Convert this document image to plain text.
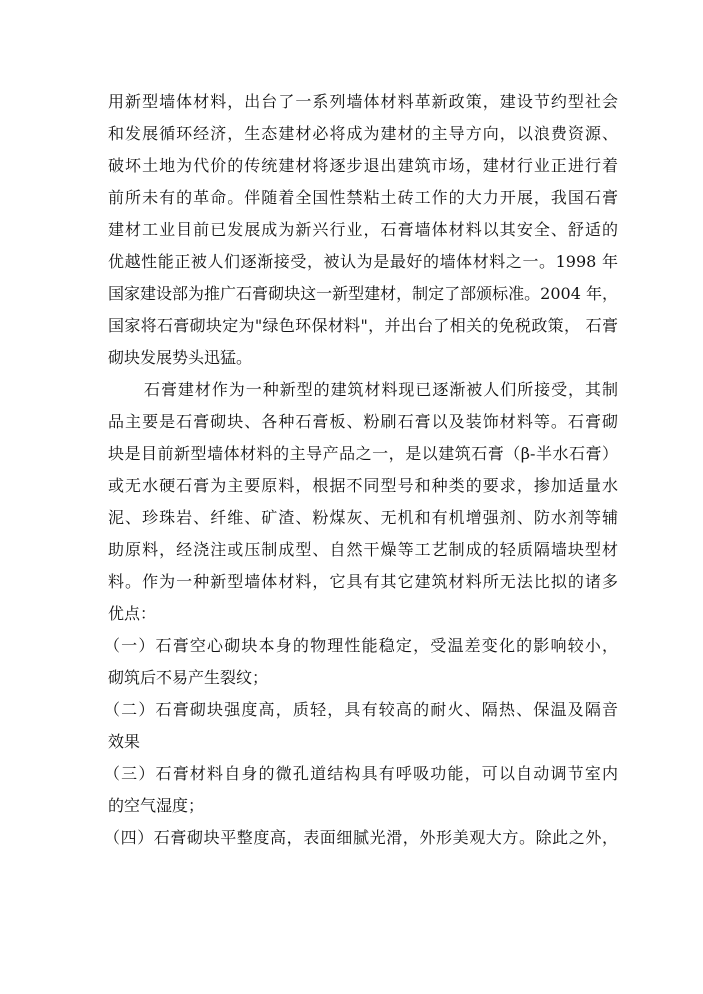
用新型墙体材料，出台了一系列墙体材料革新政策，建设节约型社会
和发展循环经济，生态建材必将成为建材的主导方向，以浪费资源、
破坏土地为代价的传统建材将逐步退出建筑市场，建材行业正进行着
前所未有的革命。伴随着全国性禁粘土砖工作的大力开展，我国石膏
建材工业目前已发展成为新兴行业，石膏墙体材料以其安全、舒适的
优越性能正被人们逐渐接受，被认为是最好的墙体材料之一。1998 年
国家建设部为推广石膏砌块这一新型建材，制定了部颁标准。2004 年，
国家将石膏砌块定为"绿色环保材料"，并出台了相关的免税政策， 石膏
砌块发展势头迅猛。
石膏建材作为一种新型的建筑材料现已逐渐被人们所接受，其制
品主要是石膏砌块、各种石膏板、粉刷石膏以及装饰材料等。石膏砌
块是目前新型墙体材料的主导产品之一，是以建筑石膏（β-半水石膏）
或无水硬石膏为主要原料，根据不同型号和种类的要求，掺加适量水
泥、珍珠岩、纤维、矿渣、粉煤灰、无机和有机增强剂、防水剂等辅
助原料，经浇注或压制成型、自然干燥等工艺制成的轻质隔墙块型材
料。作为一种新型墙体材料，它具有其它建筑材料所无法比拟的诸多
优点：
（一）石膏空心砌块本身的物理性能稳定，受温差变化的影响较小，
砌筑后不易产生裂纹；
（二）石膏砌块强度高，质轻，具有较高的耐火、隔热、保温及隔音
效果
（三）石膏材料自身的微孔道结构具有呼吸功能，可以自动调节室内
的空气湿度；
（四）石膏砌块平整度高，表面细腻光滑，外形美观大方。除此之外，
